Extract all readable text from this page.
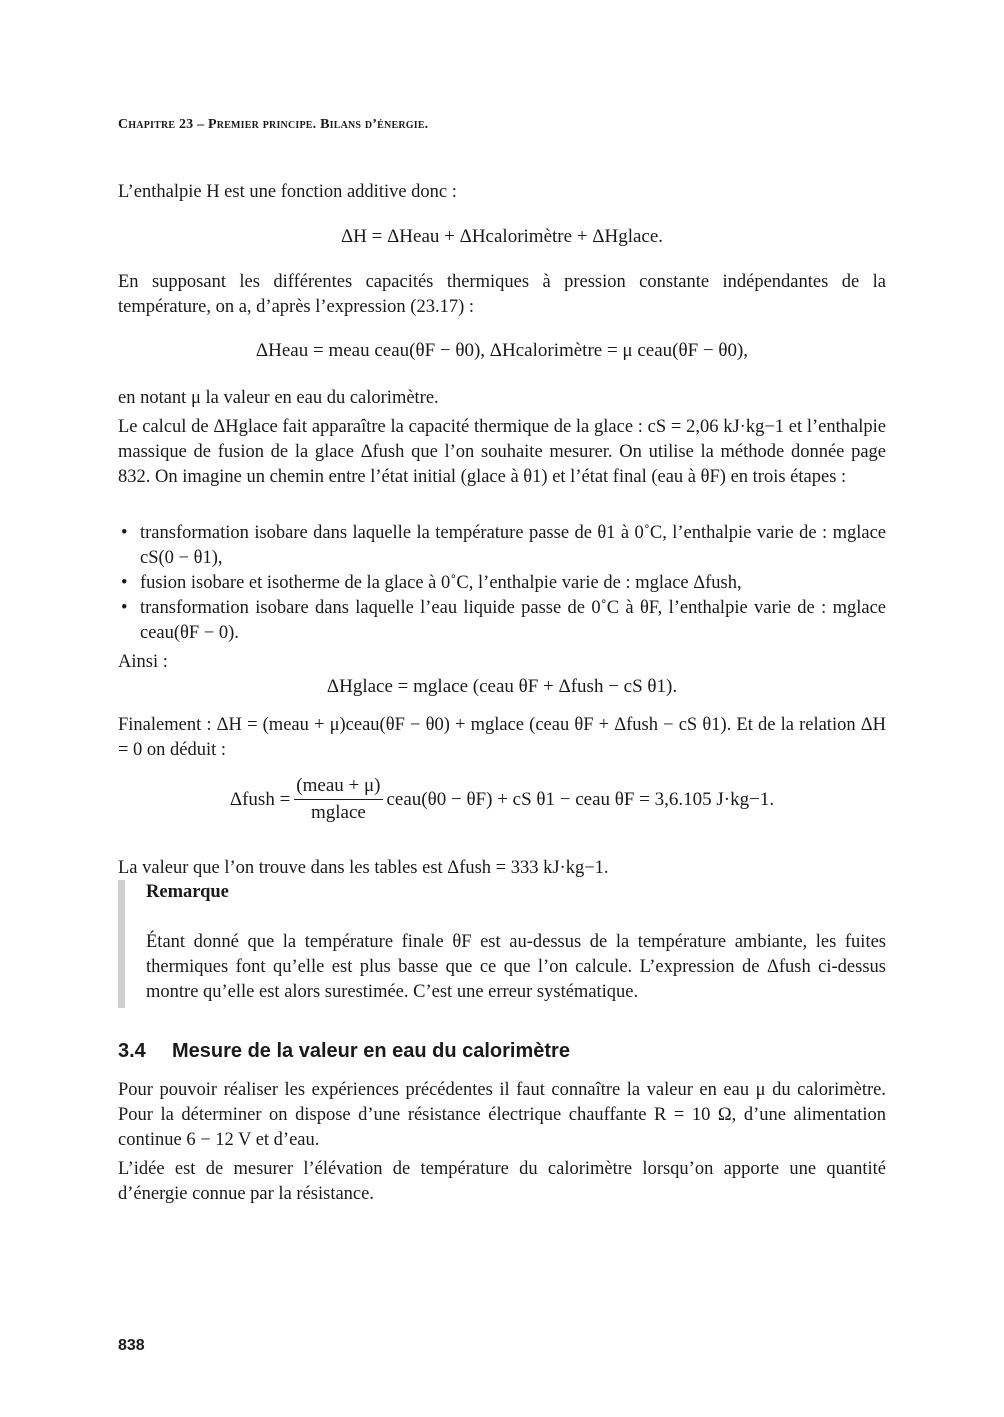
Chapitre 23 – Premier principe. Bilans d’énergie.

L’enthalpie H est une fonction additive donc :

ΔH = ΔHeau + ΔHcalorimètre + ΔHglace.

En supposant les différentes capacités thermiques à pression constante indépendantes de la température, on a, d’après l’expression (23.17) :

ΔHeau = meau ceau(θF − θ0), ΔHcalorimètre = μ ceau(θF − θ0),

en notant μ la valeur en eau du calorimètre.

Le calcul de ΔHglace fait apparaître la capacité thermique de la glace : cS = 2,06 kJ·kg−1 et l’enthalpie massique de fusion de la glace Δfush que l’on souhaite mesurer. On utilise la méthode donnée page 832. On imagine un chemin entre l’état initial (glace à θ1) et l’état final (eau à θF) en trois étapes :

• transformation isobare dans laquelle la température passe de θ1 à 0˚C, l’enthalpie varie de : mglace cS(0 − θ1),
• fusion isobare et isotherme de la glace à 0˚C, l’enthalpie varie de : mglace Δfush,
• transformation isobare dans laquelle l’eau liquide passe de 0˚C à θF, l’enthalpie varie de : mglace ceau(θF − 0).

Ainsi :

ΔHglace = mglace (ceau θF + Δfush − cS θ1).

Finalement : ΔH = (meau + μ)ceau(θF − θ0) + mglace (ceau θF + Δfush − cS θ1). Et de la relation ΔH = 0 on déduit :

Δfush = $\frac{\text{(meau + μ)}}{\text{mglace}}$ ceau(θ0 − θF) + cS θ1 − ceau θF = 3,6.105 J·kg−1.

La valeur que l’on trouve dans les tables est Δfush = 333 kJ·kg−1.

Remarque

Étant donné que la température finale θF est au-dessus de la température ambiante, les fuites thermiques font qu’elle est plus basse que ce que l’on calcule. L’expression de Δfush ci-dessus montre qu’elle est alors surestimée. C’est une erreur systématique.

3.4 Mesure de la valeur en eau du calorimètre

Pour pouvoir réaliser les expériences précédentes il faut connaître la valeur en eau μ du calorimètre. Pour la déterminer on dispose d’une résistance électrique chauffante R = 10 Ω, d’une alimentation continue 6 − 12 V et d’eau.

L’idée est de mesurer l’élévation de température du calorimètre lorsqu’on apporte une quantité d’énergie connue par la résistance.

838
